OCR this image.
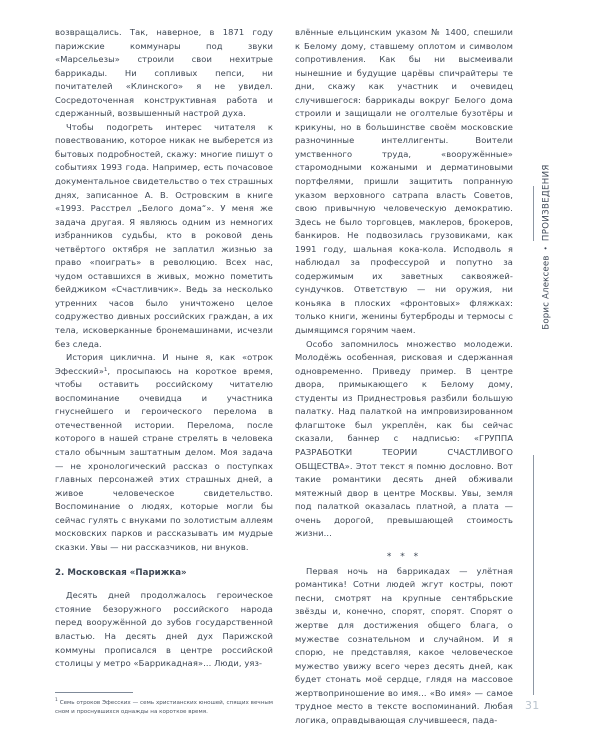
возвращались. Так, наверное, в 1871 году парижские коммунары под звуки «Марсельезы» строили свои нехитрые баррикады. Ни сопливых пепси, ни почитателей «Клинского» я не увидел. Сосредоточенная конструктивная работа и сдержанный, возвышенный настрой духа.

Чтобы подогреть интерес читателя к повествованию, которое никак не выберется из бытовых подробностей, скажу: многие пишут о событиях 1993 года. Например, есть почасовое документальное свидетельство о тех страшных днях, записанное А. В. Островским в книге «1993. Расстрел „Белого дома“». У меня же задача другая. Я являюсь одним из немногих избранников судьбы, кто в роковой день четвёртого октября не заплатил жизнью за право «поиграть» в революцию. Всех нас, чудом оставшихся в живых, можно пометить бейджиком «Счастливчик». Ведь за несколько утренних часов было уничтожено целое содружество дивных российских граждан, а их тела, исковерканные бронемашинами, исчезли без следа.

История циклична. И ныне я, как «отрок Эфесский»¹, просыпаюсь на короткое время, чтобы оставить российскому читателю воспоминание очевидца и участника гнуснейшего и героического перелома в отечественной истории. Перелома, после которого в нашей стране стрелять в человека стало обычным заштатным делом. Моя задача — не хронологический рассказ о поступках главных персонажей этих страшных дней, а живое человеческое свидетельство. Воспоминание о людях, которые могли бы сейчас гулять с внуками по золотистым аллеям московских парков и рассказывать им мудрые сказки. Увы — ни рассказчиков, ни внуков.

2. Московская «Парижка»

Десять дней продолжалось героическое стояние безоружного российского народа перед вооружённой до зубов государственной властью. На десять дней дух Парижской коммуны прописался в центре российской столицы у метро «Баррикадная»... Люди, уяз-

$^1$ Семь отроков Эфесских — семь христианских юношей, спящих вечным сном и проснувшихся однажды на короткое время.

влённые ельцинским указом № 1400, спешили к Белому дому, ставшему оплотом и символом сопротивления. Как бы ни высмеивали нынешние и будущие царёвы спичрайтеры те дни, скажу как участник и очевидец случившегося: баррикады вокруг Белого дома строили и защищали не оголтелые бузотёры и крикуны, но в большинстве своём московские разночинные интеллигенты. Воители умственного труда, «вооружённые» старомодными кожаными и дерматиновыми портфелями, пришли защитить попранную указом верховного сатрапа власть Советов, свою привычную человеческую демократию. Здесь не было торговцев, маклеров, брокеров, банкиров. Не подвозилась грузовиками, как 1991 году, шальная кока-кола. Исподволь я наблюдал за профессурой и попутно за содержимым их заветных саквояжей-сундучков. Ответствую — ни оружия, ни коньяка в плоских «фронтовых» фляжках: только книги, женины бутерброды и термосы с дымящимся горячим чаем.

Особо запомнилось множество молодежи. Молодёжь особенная, рисковая и сдержанная одновременно. Приведу пример. В центре двора, примыкающего к Белому дому, студенты из Приднестровья разбили большую палатку. Над палаткой на импровизированном флагштоке был укреплён, как бы сейчас сказали, баннер с надписью: «ГРУППА РАЗРАБОТКИ ТЕОРИИ СЧАСТЛИВОГО ОБЩЕСТВА». Этот текст я помню дословно. Вот такие романтики десять дней обживали мятежный двор в центре Москвы. Увы, земля под палаткой оказалась платной, а плата — очень дорогой, превышающей стоимость жизни...

* * *

Первая ночь на баррикадах — улётная романтика! Сотни людей жгут костры, поют песни, смотрят на крупные сентябрьские звёзды и, конечно, спорят, спорят. Спорят о жертве для достижения общего блага, о мужестве сознательном и случайном. И я спорю, не представляя, какое человеческое мужество увижу всего через десять дней, как будет стонать моё сердце, глядя на массовое жертвоприношение во имя... «Во имя» — самое трудное место в тексте воспоминаний. Любая логика, оправдывающая случившееся, пада-

Борис Алексеев•ПРОИЗВЕДЕНИЯ
31
